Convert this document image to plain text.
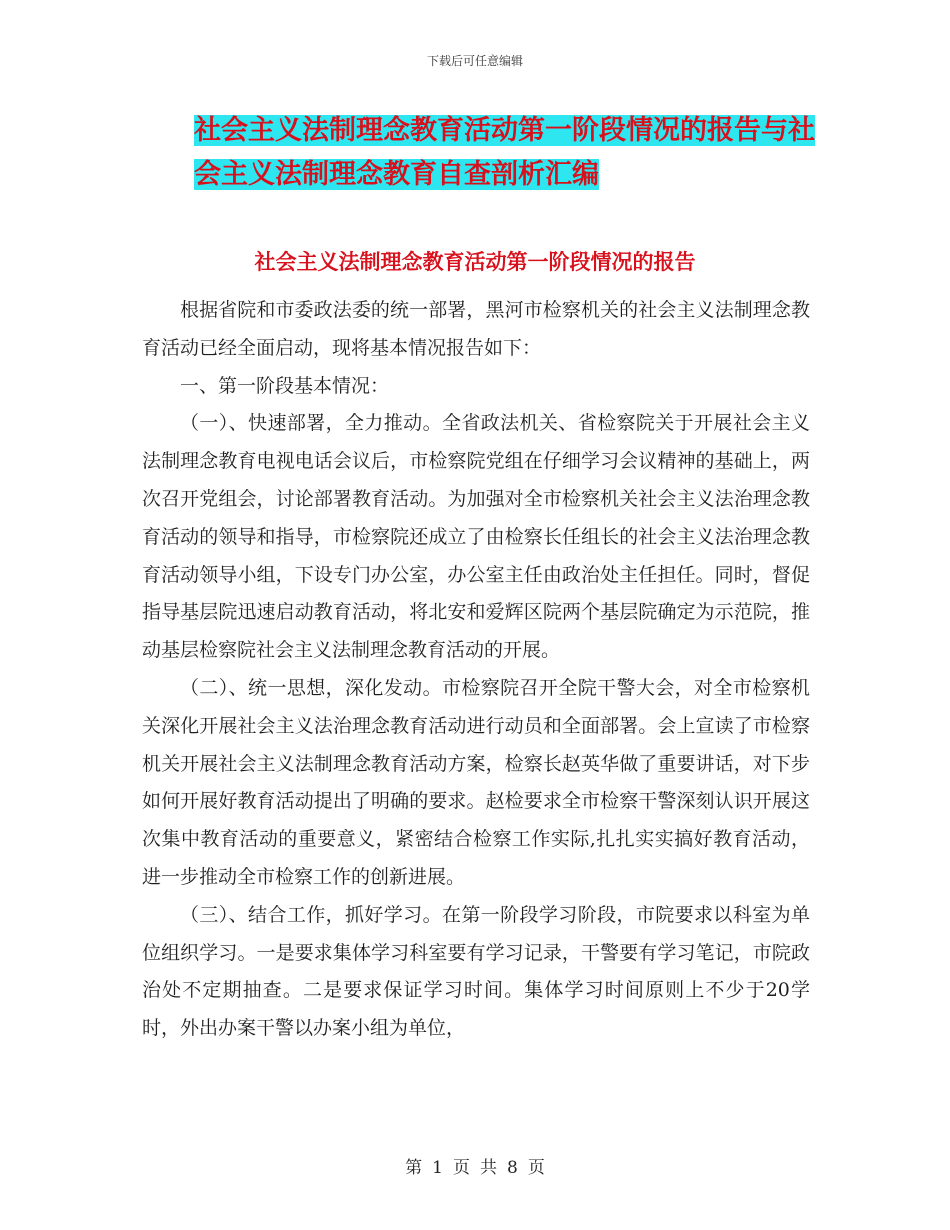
下载后可任意编辑
社会主义法制理念教育活动第一阶段情况的报告与社
会主义法制理念教育自查剖析汇编
社会主义法制理念教育活动第一阶段情况的报告

根据省院和市委政法委的统一部署，黑河市检察机关的社会主义法制理念教育活动已经全面启动，现将基本情况报告如下：

一、第一阶段基本情况：

（一）、快速部署，全力推动。全省政法机关、省检察院关于开展社会主义法制理念教育电视电话会议后，市检察院党组在仔细学习会议精神的基础上，两次召开党组会，讨论部署教育活动。为加强对全市检察机关社会主义法治理念教育活动的领导和指导，市检察院还成立了由检察长任组长的社会主义法治理念教育活动领导小组，下设专门办公室，办公室主任由政治处主任担任。同时，督促指导基层院迅速启动教育活动，将北安和爱辉区院两个基层院确定为示范院，推动基层检察院社会主义法制理念教育活动的开展。

（二）、统一思想，深化发动。市检察院召开全院干警大会，对全市检察机关深化开展社会主义法治理念教育活动进行动员和全面部署。会上宣读了市检察机关开展社会主义法制理念教育活动方案，检察长赵英华做了重要讲话，对下步如何开展好教育活动提出了明确的要求。赵检要求全市检察干警深刻认识开展这次集中教育活动的重要意义，紧密结合检察工作实际,扎扎实实搞好教育活动，进一步推动全市检察工作的创新进展。

（三）、结合工作，抓好学习。在第一阶段学习阶段，市院要求以科室为单位组织学习。一是要求集体学习科室要有学习记录，干警要有学习笔记，市院政治处不定期抽查。二是要求保证学习时间。集体学习时间原则上不少于20学时，外出办案干警以办案小组为单位，

第 1 页 共 8 页
